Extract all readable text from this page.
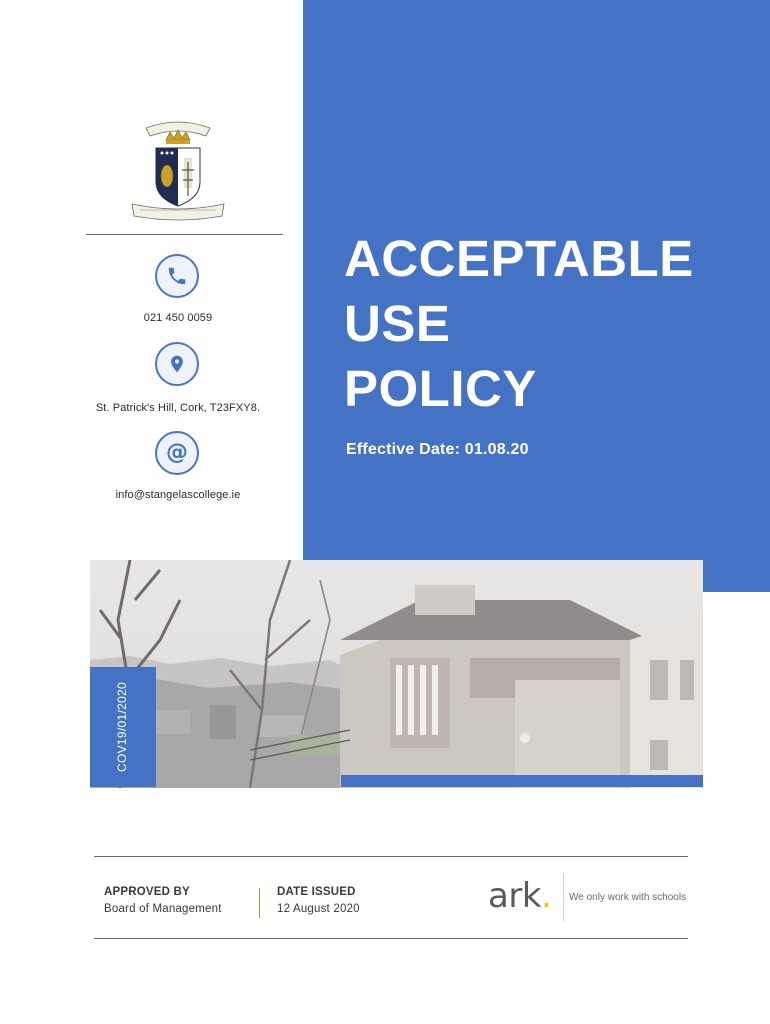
021 450 0059
St. Patrick's Hill, Cork, T23FXY8.
@
info@stangelascollege.ie
ACCEPTABLE
USE
POLICY
Effective Date: 01.08.20
COV19/01/2020
APPROVED BY
Board of Management
DATE ISSUED
12 August 2020	ark. We only work with schools
